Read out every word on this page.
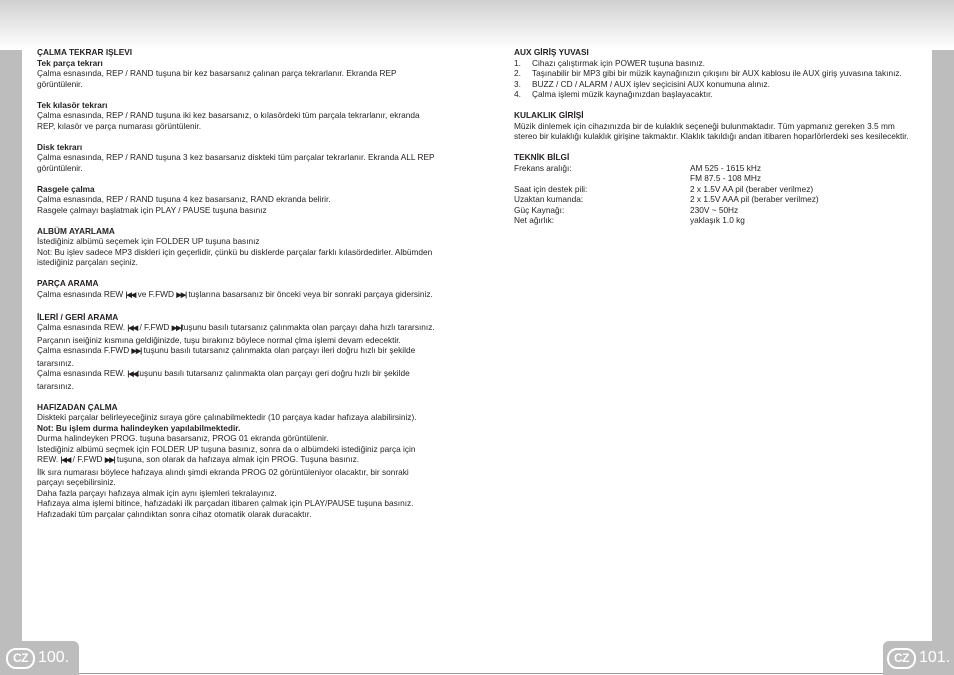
CZ 100.	CZ 101.
ÇALMA TEKRAR IŞLEVI
Tek parça tekrarı

Çalma esnasında, REP / RAND tuşuna bir kez basarsanız çalınan parça tekrarlanır. Ekranda REP görüntülenir.

Tek kılasör tekrarı

Çalma esnasında, REP / RAND tuşuna iki kez basarsanız, o kılasördeki tüm parçala tekrarlanır, ekranda REP, kılasör ve parça numarası görüntülenir.

Disk tekrarı

Çalma esnasında, REP / RAND tuşuna 3 kez basarsanız diskteki tüm parçalar tekrarlanır. Ekranda ALL REP görüntülenir.

Rasgele çalma

Çalma esnasında, REP / RAND tuşuna 4 kez basarsanız, RAND ekranda belirir.

Rasgele çalmayı başlatmak için PLAY / PAUSE tuşuna basınız

ALBÜM AYARLAMA

İstediğiniz albümü seçemek için FOLDER UP tuşuna basınız

Not: Bu işlev sadece MP3 diskleri için geçerlidir, çünkü bu disklerde parçalar farklı kılasördedirler. Albümden istediğiniz parçaları seçiniz.

PARÇA ARAMA

Çalma esnasında REW |◀◀ ve F.FWD ▶▶| tuşlarına basarsanız bir önceki veya bir sonraki parçaya gidersiniz.

İLERİ / GERİ ARAMA

Çalma esnasında REW. |◀◀ / F.FWD ▶▶|tuşunu basılı tutarsanız çalınmakta olan parçayı daha hızlı tararsınız. Parçanın iseiğiniz kısmına geldiğinizde, tuşu bırakınız böylece normal çlma işlemi devam edecektir.

Çalma esnasında F.FWD ▶▶| tuşunu basılı tutarsanız çalınmakta olan parçayı ileri doğru hızlı bir şekilde tararsınız.

Çalma esnasında REW. |◀◀tuşunu basılı tutarsanız çalınmakta olan parçayı geri doğru hızlı bir şekilde tararsınız.

HAFIZADAN ÇALMA

Diskteki parçalar belirleyeceğiniz sıraya göre çalınabilmektedir (10 parçaya kadar hafızaya alabilirsiniz).

Not: Bu işlem durma halindeyken yapılabilmektedir.

Durma halindeyken PROG. tuşuna basarsanız, PROG 01 ekranda görüntülenir.

İstediğiniz albümü seçmek için FOLDER UP tuşuna basınız, sonra da o albümdeki istediğiniz parça için REW. |◀◀ / F.FWD ▶▶| tuşuna, son olarak da hafızaya almak için PROG. Tuşuna basınız.

İlk sıra numarası böylece hafızaya alındı şimdi ekranda PROG 02 görüntüleniyor olacaktır, bir sonraki parçayı seçebilirsiniz.

Daha fazla parçayı hafızaya almak için aynı işlemleri tekralayınız.

Hafızaya alma işlemi bitince, hafızadaki ilk parçadan itibaren çalmak için PLAY/PAUSE tuşuna basınız. Hafızadaki tüm parçalar çalındıktan sonra cihaz otomatik olarak duracaktır.

AUX GİRİŞ YUVASI
1. Cihazı çalıştırmak için POWER tuşuna basınız.
2. Taşınabilir bir MP3 gibi bir müzik kaynağınızın çıkışını bir AUX kablosu ile AUX giriş yuvasına takınız.
3. BUZZ / CD / ALARM / AUX işlev seçicisini AUX konumuna alınız.
4. Çalma işlemi müzik kaynağınızdan başlayacaktır.
KULAKLIK GİRİŞİ

Müzik dinlemek için cihazınızda bir de kulaklık seçeneği bulunmaktadır. Tüm yapmanız gereken 3.5 mm stereo bir kulaklığı kulaklık girişine takmaktır. Klaklık takıldığı andan itibaren hoparlörlerdeki ses kesilecektir.

TEKNİK BİLGİ
Frekans aralığı:	AM 525 - 1615 kHz
	FM 87.5 - 108 MHz
Saat için destek pili:	2 x 1.5V AA pil (beraber verilmez)
Uzaktan kumanda:	2 x 1.5V AAA pil (beraber verilmez)
Güç Kaynağı:	230V ~ 50Hz
Net ağırlık:	yaklaşık 1.0 kg
